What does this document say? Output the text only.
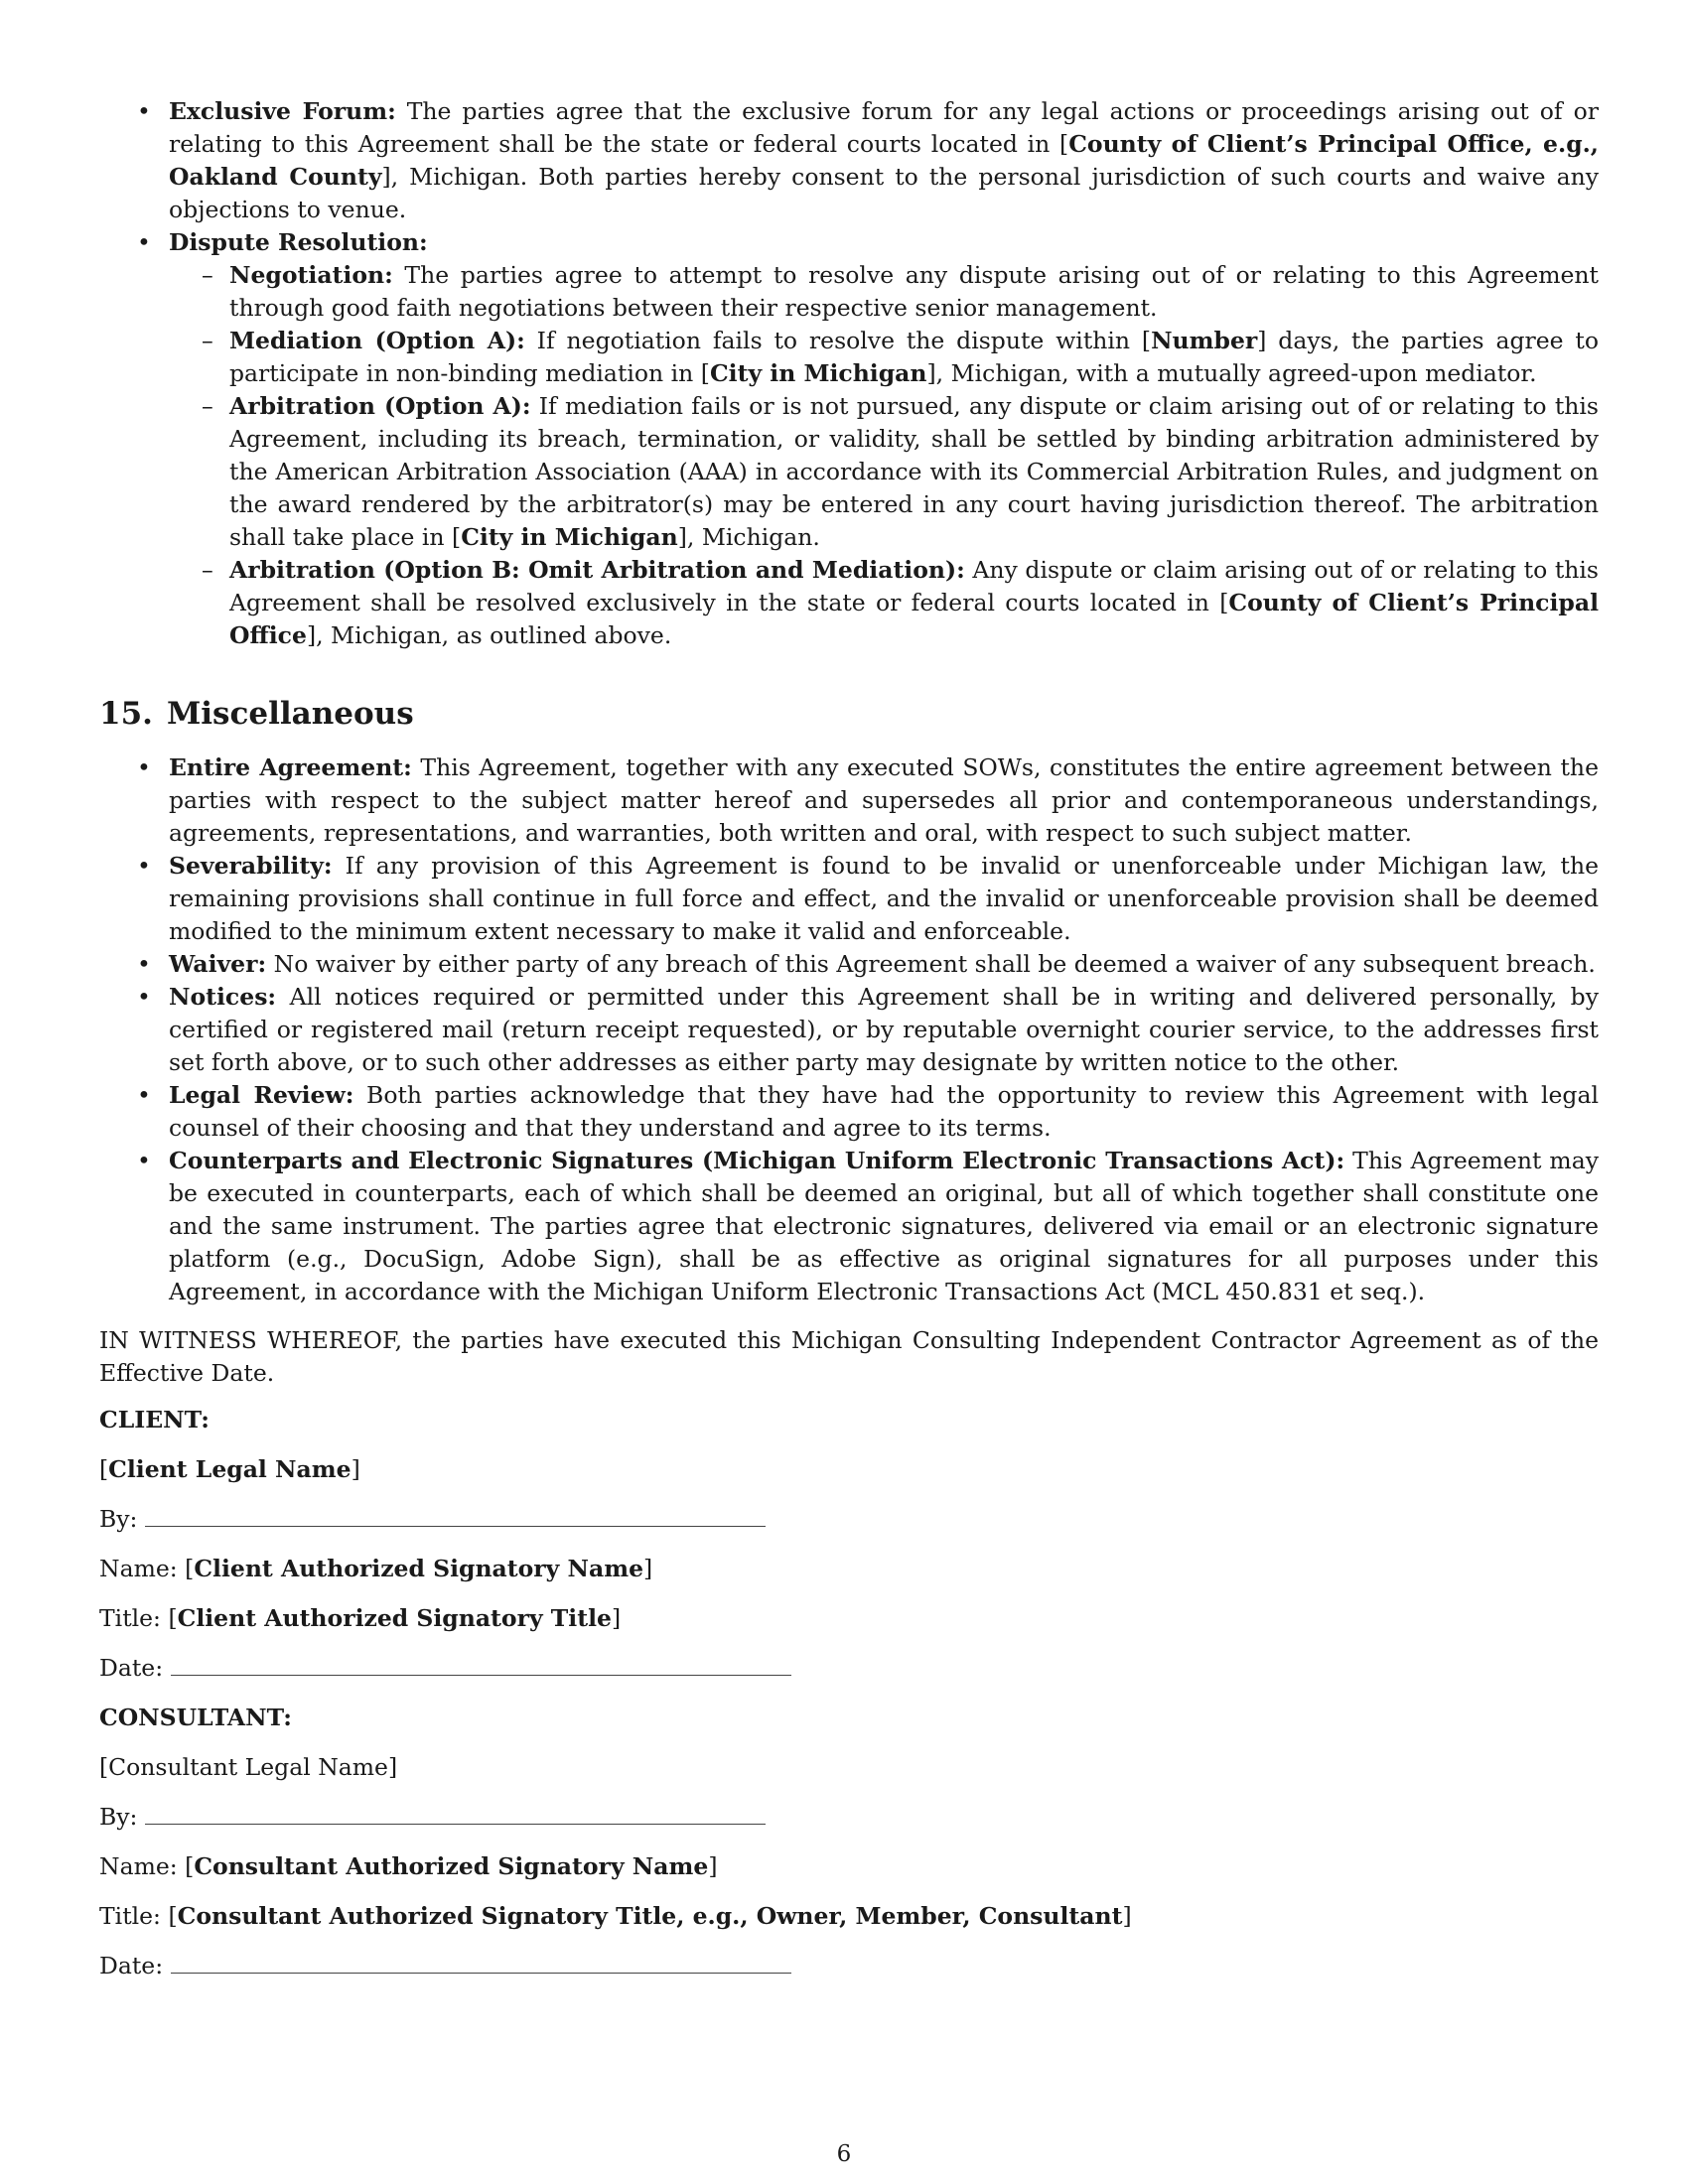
• Exclusive Forum: The parties agree that the exclusive forum for any legal actions or proceedings arising out of or relating to this Agreement shall be the state or federal courts located in [County of Client’s Principal Office, e.g., Oakland County], Michigan. Both parties hereby consent to the personal jurisdiction of such courts and waive any objections to venue.
• Dispute Resolution:
– Negotiation: The parties agree to attempt to resolve any dispute arising out of or relating to this Agreement through good faith negotiations between their respective senior management.
– Mediation (Option A): If negotiation fails to resolve the dispute within [Number] days, the parties agree to participate in non-binding mediation in [City in Michigan], Michigan, with a mutually agreed-upon mediator.
– Arbitration (Option A): If mediation fails or is not pursued, any dispute or claim arising out of or relating to this Agreement, including its breach, termination, or validity, shall be settled by binding arbitration administered by the American Arbitration Association (AAA) in accordance with its Commercial Arbitration Rules, and judgment on the award rendered by the arbitrator(s) may be entered in any court having jurisdiction thereof. The arbitration shall take place in [City in Michigan], Michigan.
– Arbitration (Option B: Omit Arbitration and Mediation): Any dispute or claim arising out of or relating to this Agreement shall be resolved exclusively in the state or federal courts located in [County of Client’s Principal Office], Michigan, as outlined above.
15. Miscellaneous
• Entire Agreement: This Agreement, together with any executed SOWs, constitutes the entire agreement between the parties with respect to the subject matter hereof and supersedes all prior and contemporaneous understandings, agreements, representations, and warranties, both written and oral, with respect to such subject matter.
• Severability: If any provision of this Agreement is found to be invalid or unenforceable under Michigan law, the remaining provisions shall continue in full force and effect, and the invalid or unenforceable provision shall be deemed modified to the minimum extent necessary to make it valid and enforceable.
• Waiver: No waiver by either party of any breach of this Agreement shall be deemed a waiver of any subsequent breach.
• Notices: All notices required or permitted under this Agreement shall be in writing and delivered personally, by certified or registered mail (return receipt requested), or by reputable overnight courier service, to the addresses first set forth above, or to such other addresses as either party may designate by written notice to the other.
• Legal Review: Both parties acknowledge that they have had the opportunity to review this Agreement with legal counsel of their choosing and that they understand and agree to its terms.
• Counterparts and Electronic Signatures (Michigan Uniform Electronic Transactions Act): This Agreement may be executed in counterparts, each of which shall be deemed an original, but all of which together shall constitute one and the same instrument. The parties agree that electronic signatures, delivered via email or an electronic signature platform (e.g., DocuSign, Adobe Sign), shall be as effective as original signatures for all purposes under this Agreement, in accordance with the Michigan Uniform Electronic Transactions Act (MCL 450.831 et seq.).

IN WITNESS WHEREOF, the parties have executed this Michigan Consulting Independent Contractor Agreement as of the Effective Date.

CLIENT:

[Client Legal Name]

By:

Name: [Client Authorized Signatory Name]

Title: [Client Authorized Signatory Title]

Date:

CONSULTANT:

[Consultant Legal Name]

By:

Name: [Consultant Authorized Signatory Name]

Title: [Consultant Authorized Signatory Title, e.g., Owner, Member, Consultant]

Date:

6
